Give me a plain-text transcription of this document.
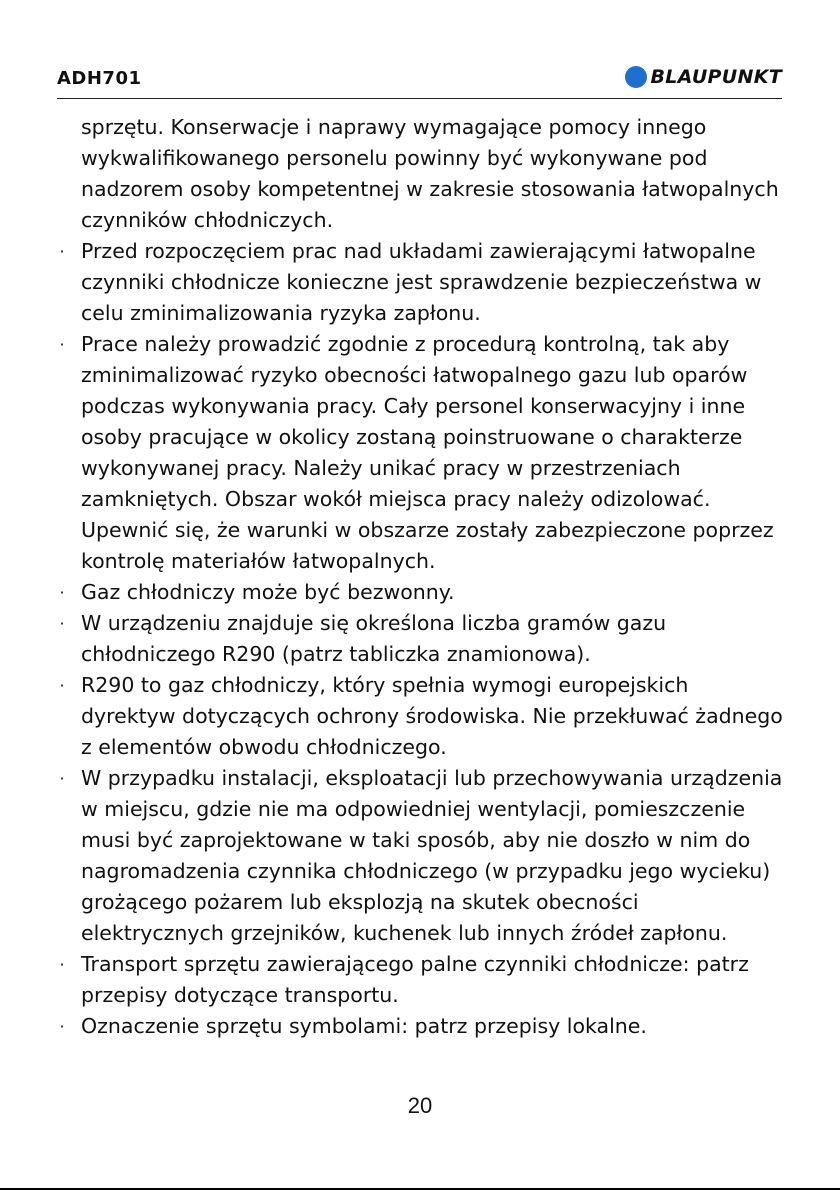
ADH701	BLAUPUNKT

sprzętu. Konserwacje i naprawy wymagające pomocy innego wykwalifikowanego personelu powinny być wykonywane pod nadzorem osoby kompetentnej w zakresie stosowania łatwopalnych czynników chłodniczych.

· Przed rozpoczęciem prac nad układami zawierającymi łatwopalne czynniki chłodnicze konieczne jest sprawdzenie bezpieczeństwa w celu zminimalizowania ryzyka zapłonu.
· Prace należy prowadzić zgodnie z procedurą kontrolną, tak aby zminimalizować ryzyko obecności łatwopalnego gazu lub oparów podczas wykonywania pracy. Cały personel konserwacyjny i inne osoby pracujące w okolicy zostaną poinstruowane o charakterze wykonywanej pracy. Należy unikać pracy w przestrzeniach zamkniętych. Obszar wokół miejsca pracy należy odizolować. Upewnić się, że warunki w obszarze zostały zabezpieczone poprzez kontrolę materiałów łatwopalnych.
· Gaz chłodniczy może być bezwonny.
· W urządzeniu znajduje się określona liczba gramów gazu chłodniczego R290 (patrz tabliczka znamionowa).
· R290 to gaz chłodniczy, który spełnia wymogi europejskich dyrektyw dotyczących ochrony środowiska. Nie przekłuwać żadnego z elementów obwodu chłodniczego.
· W przypadku instalacji, eksploatacji lub przechowywania urządzenia w miejscu, gdzie nie ma odpowiedniej wentylacji, pomieszczenie musi być zaprojektowane w taki sposób, aby nie doszło w nim do nagromadzenia czynnika chłodniczego (w przypadku jego wycieku) grożącego pożarem lub eksplozją na skutek obecności elektrycznych grzejników, kuchenek lub innych źródeł zapłonu.
· Transport sprzętu zawierającego palne czynniki chłodnicze: patrz przepisy dotyczące transportu.
· Oznaczenie sprzętu symbolami: patrz przepisy lokalne.
20
